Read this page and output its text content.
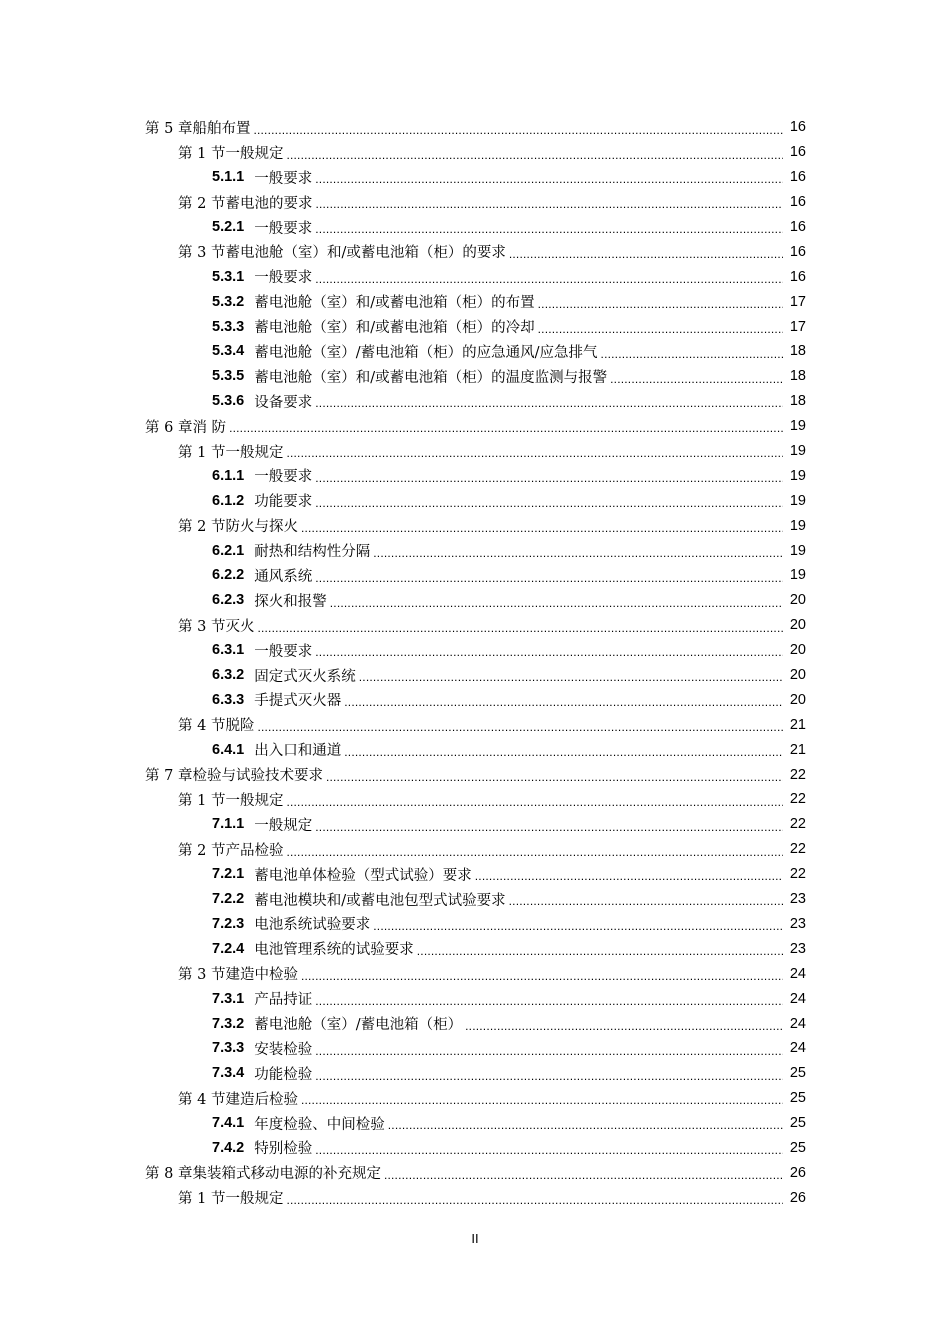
第 5 章 船舶布置 .....	16
第 1 节 一般规定 .....	16
5.1.1 一般要求 .....	16
第 2 节 蓄电池的要求 .....	16
5.2.1 一般要求 .....	16
第 3 节 蓄电池舱（室）和/或蓄电池箱（柜）的要求 .....	16
5.3.1 一般要求 .....	16
5.3.2 蓄电池舱（室）和/或蓄电池箱（柜）的布置 .....	17
5.3.3 蓄电池舱（室）和/或蓄电池箱（柜）的冷却 .....	17
5.3.4 蓄电池舱（室）/蓄电池箱（柜）的应急通风/应急排气 .....	18
5.3.5 蓄电池舱（室）和/或蓄电池箱（柜）的温度监测与报警 .....	18
5.3.6 设备要求 .....	18
第 6 章 消 防 .....	19
第 1 节 一般规定 .....	19
6.1.1 一般要求 .....	19
6.1.2 功能要求 .....	19
第 2 节 防火与探火 .....	19
6.2.1 耐热和结构性分隔 .....	19
6.2.2 通风系统 .....	19
6.2.3 探火和报警 .....	20
第 3 节 灭火 .....	20
6.3.1 一般要求 .....	20
6.3.2 固定式灭火系统 .....	20
6.3.3 手提式灭火器 .....	20
第 4 节 脱险 .....	21
6.4.1 出入口和通道 .....	21
第 7 章 检验与试验技术要求 .....	22
第 1 节 一般规定 .....	22
7.1.1 一般规定 .....	22
第 2 节 产品检验 .....	22
7.2.1 蓄电池单体检验（型式试验）要求 .....	22
7.2.2 蓄电池模块和/或蓄电池包型式试验要求 .....	23
7.2.3 电池系统试验要求 .....	23
7.2.4 电池管理系统的试验要求 .....	23
第 3 节 建造中检验 .....	24
7.3.1 产品持证 .....	24
7.3.2 蓄电池舱（室）/蓄电池箱（柜） .....	24
7.3.3 安装检验 .....	24
7.3.4 功能检验 .....	25
第 4 节 建造后检验 .....	25
7.4.1 年度检验、中间检验 .....	25
7.4.2 特别检验 .....	25
第 8 章 集装箱式移动电源的补充规定 .....	26
第 1 节 一般规定 .....	26
II
